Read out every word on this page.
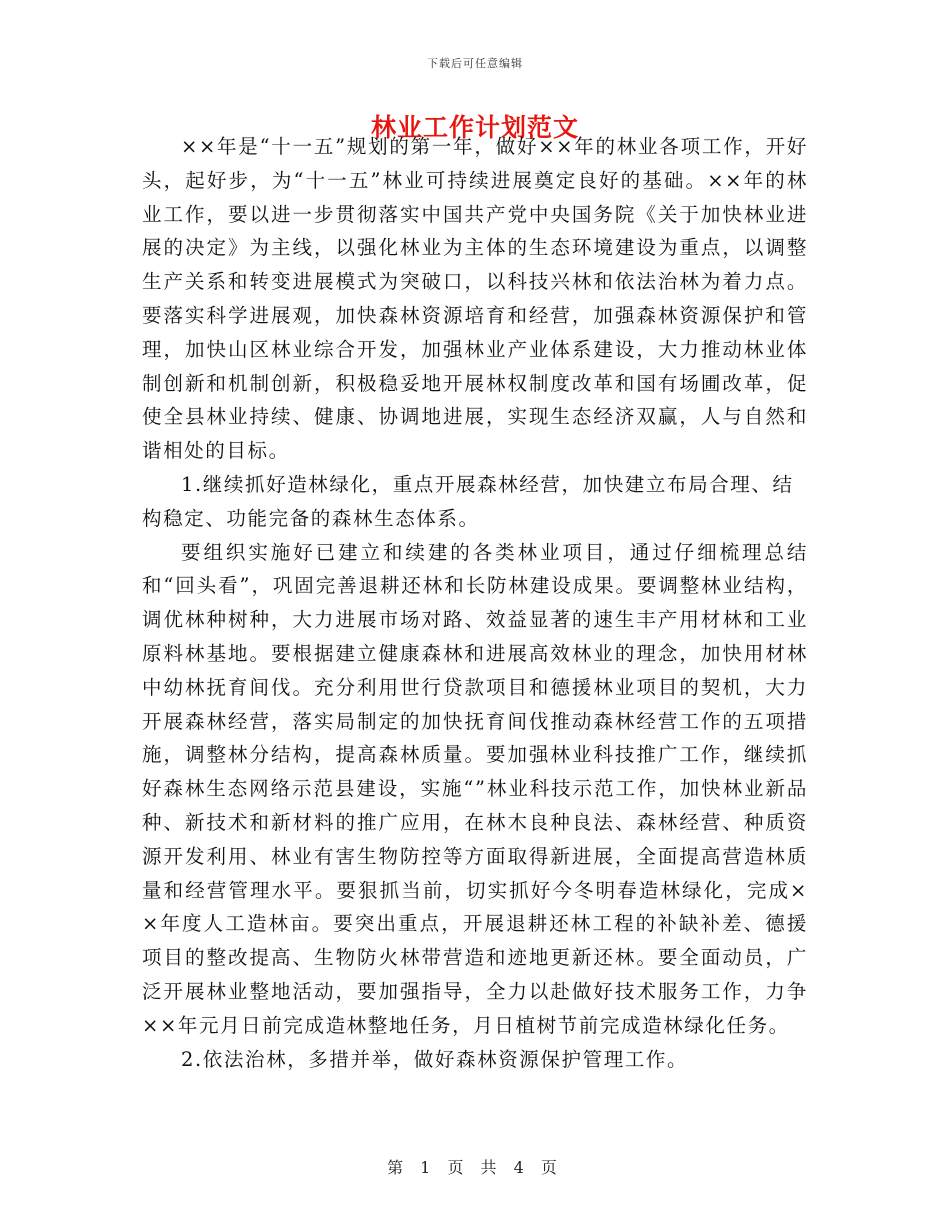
下载后可任意编辑
林业工作计划范文

××年是“十一五”规划的第一年，做好××年的林业各项工作，开好头，起好步，为“十一五”林业可持续进展奠定良好的基础。××年的林业工作，要以进一步贯彻落实中国共产党中央国务院《关于加快林业进展的决定》为主线，以强化林业为主体的生态环境建设为重点，以调整生产关系和转变进展模式为突破口，以科技兴林和依法治林为着力点。要落实科学进展观，加快森林资源培育和经营，加强森林资源保护和管理，加快山区林业综合开发，加强林业产业体系建设，大力推动林业体制创新和机制创新，积极稳妥地开展林权制度改革和国有场圃改革，促使全县林业持续、健康、协调地进展，实现生态经济双赢，人与自然和谐相处的目标。

1.继续抓好造林绿化，重点开展森林经营，加快建立布局合理、结构稳定、功能完备的森林生态体系。

要组织实施好已建立和续建的各类林业项目，通过仔细梳理总结和“回头看”，巩固完善退耕还林和长防林建设成果。要调整林业结构，调优林种树种，大力进展市场对路、效益显著的速生丰产用材林和工业原料林基地。要根据建立健康森林和进展高效林业的理念，加快用材林中幼林抚育间伐。充分利用世行贷款项目和德援林业项目的契机，大力开展森林经营，落实局制定的加快抚育间伐推动森林经营工作的五项措施，调整林分结构，提高森林质量。要加强林业科技推广工作，继续抓好森林生态网络示范县建设，实施“”林业科技示范工作，加快林业新品种、新技术和新材料的推广应用，在林木良种良法、森林经营、种质资源开发利用、林业有害生物防控等方面取得新进展，全面提高营造林质量和经营管理水平。要狠抓当前，切实抓好今冬明春造林绿化，完成××年度人工造林亩。要突出重点，开展退耕还林工程的补缺补差、德援项目的整改提高、生物防火林带营造和迹地更新还林。要全面动员，广泛开展林业整地活动，要加强指导，全力以赴做好技术服务工作，力争××年元月日前完成造林整地任务，月日植树节前完成造林绿化任务。

2.依法治林，多措并举，做好森林资源保护管理工作。

第 1 页 共 4 页
